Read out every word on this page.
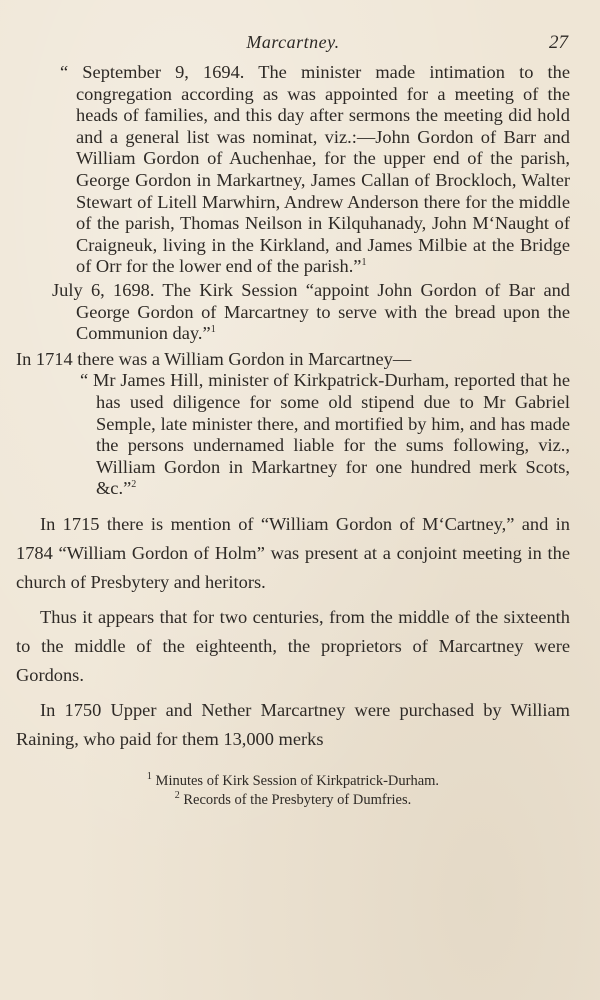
Marcartney.	27
“ September 9, 1694. The minister made intimation to the congregation according as was appointed for a meeting of the heads of families, and this day after sermons the meeting did hold and a general list was nominat, viz.:—John Gordon of Barr and William Gordon of Auchenhae, for the upper end of the parish, George Gordon in Markartney, James Callan of Brockloch, Walter Stewart of Litell Marwhirn, Andrew Anderson there for the middle of the parish, Thomas Neilson in Kilquhanady, John M‘Naught of Craigneuk, living in the Kirkland, and James Milbie at the Bridge of Orr for the lower end of the parish.”$^1$
July 6, 1698. The Kirk Session “appoint John Gordon of Bar and George Gordon of Marcartney to serve with the bread upon the Communion day.”$^1$
In 1714 there was a William Gordon in Marcartney—
“ Mr James Hill, minister of Kirkpatrick-Durham, reported that he has used diligence for some old stipend due to Mr Gabriel Semple, late minister there, and mortified by him, and has made the persons undernamed liable for the sums following, viz., William Gordon in Markartney for one hundred merk Scots, &c.”$^2$

In 1715 there is mention of “William Gordon of M‘Cartney,” and in 1784 “William Gordon of Holm” was present at a conjoint meeting in the church of Presbytery and heritors.

Thus it appears that for two centuries, from the middle of the sixteenth to the middle of the eighteenth, the proprietors of Marcartney were Gordons.

In 1750 Upper and Nether Marcartney were purchased by William Raining, who paid for them 13,000 merks

$^1$ Minutes of Kirk Session of Kirkpatrick-Durham.

$^2$ Records of the Presbytery of Dumfries.
